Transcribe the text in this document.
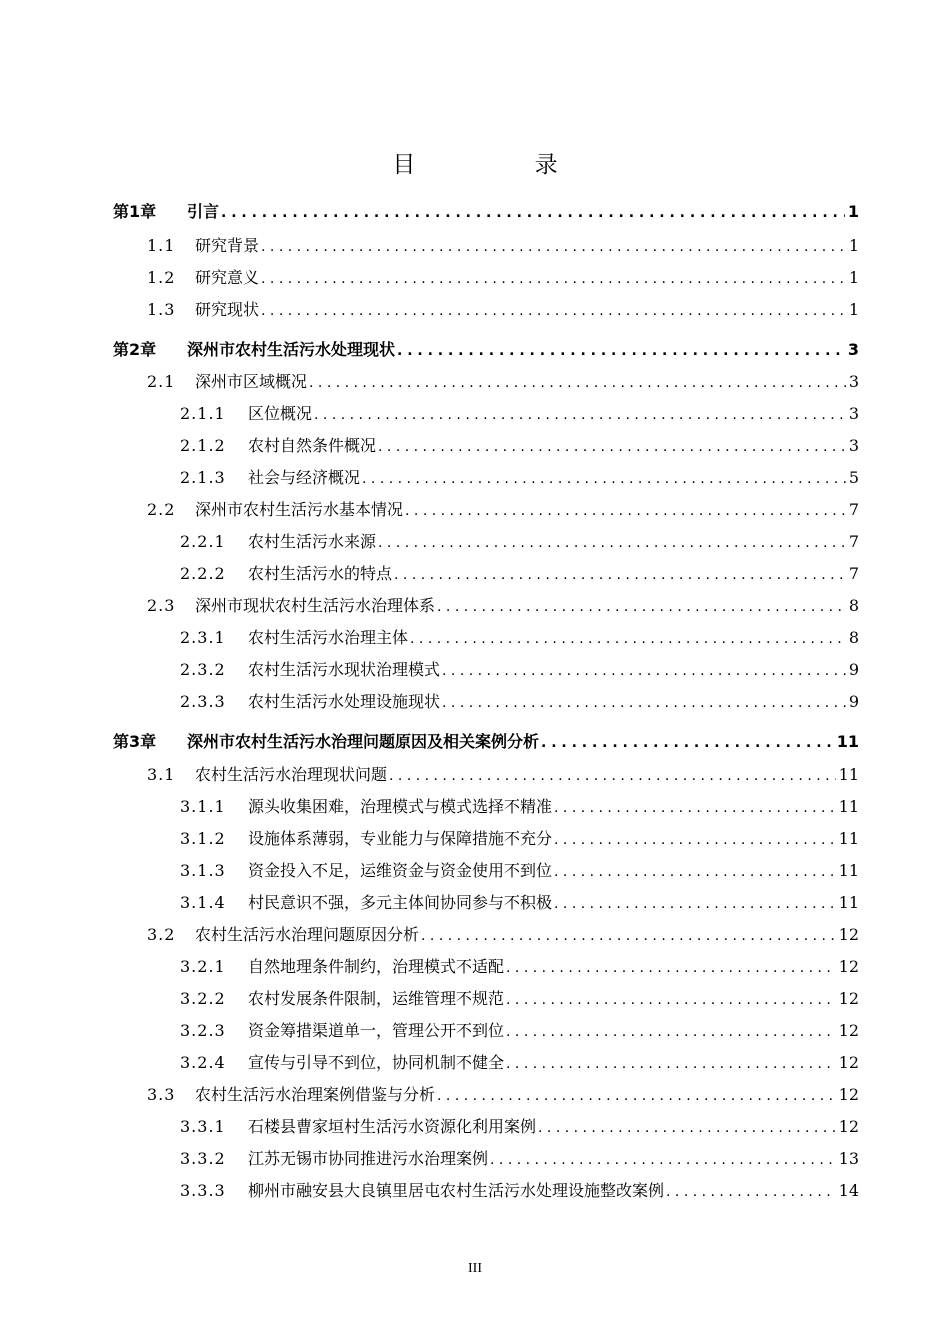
目 录
第1章	引言 . . .	1
1.1	研究背景 . . .	1
1.2	研究意义 . . .	1
1.3	研究现状 . . .	1
第2章	深州市农村生活污水处理现状 . . .	3
2.1	深州市区域概况 . . .	3
2.1.1	区位概况 . . .	3
2.1.2	农村自然条件概况 . . .	3
2.1.3	社会与经济概况 . . .	5
2.2	深州市农村生活污水基本情况 . . .	7
2.2.1	农村生活污水来源 . . .	7
2.2.2	农村生活污水的特点 . . .	7
2.3	深州市现状农村生活污水治理体系 . . .	8
2.3.1	农村生活污水治理主体 . . .	8
2.3.2	农村生活污水现状治理模式 . . .	9
2.3.3	农村生活污水处理设施现状 . . .	9
第3章	深州市农村生活污水治理问题原因及相关案例分析 . . .	11
3.1	农村生活污水治理现状问题 . . .	11
3.1.1	源头收集困难，治理模式与模式选择不精准 . . .	11
3.1.2	设施体系薄弱，专业能力与保障措施不充分 . . .	11
3.1.3	资金投入不足，运维资金与资金使用不到位 . . .	11
3.1.4	村民意识不强，多元主体间协同参与不积极 . . .	11
3.2	农村生活污水治理问题原因分析 . . .	12
3.2.1	自然地理条件制约，治理模式不适配 . . .	12
3.2.2	农村发展条件限制，运维管理不规范 . . .	12
3.2.3	资金筹措渠道单一，管理公开不到位 . . .	12
3.2.4	宣传与引导不到位，协同机制不健全 . . .	12
3.3	农村生活污水治理案例借鉴与分析 . . .	12
3.3.1	石楼县曹家垣村生活污水资源化利用案例 . . .	12
3.3.2	江苏无锡市协同推进污水治理案例 . . .	13
3.3.3	柳州市融安县大良镇里居屯农村生活污水处理设施整改案例 . . .	14
III
